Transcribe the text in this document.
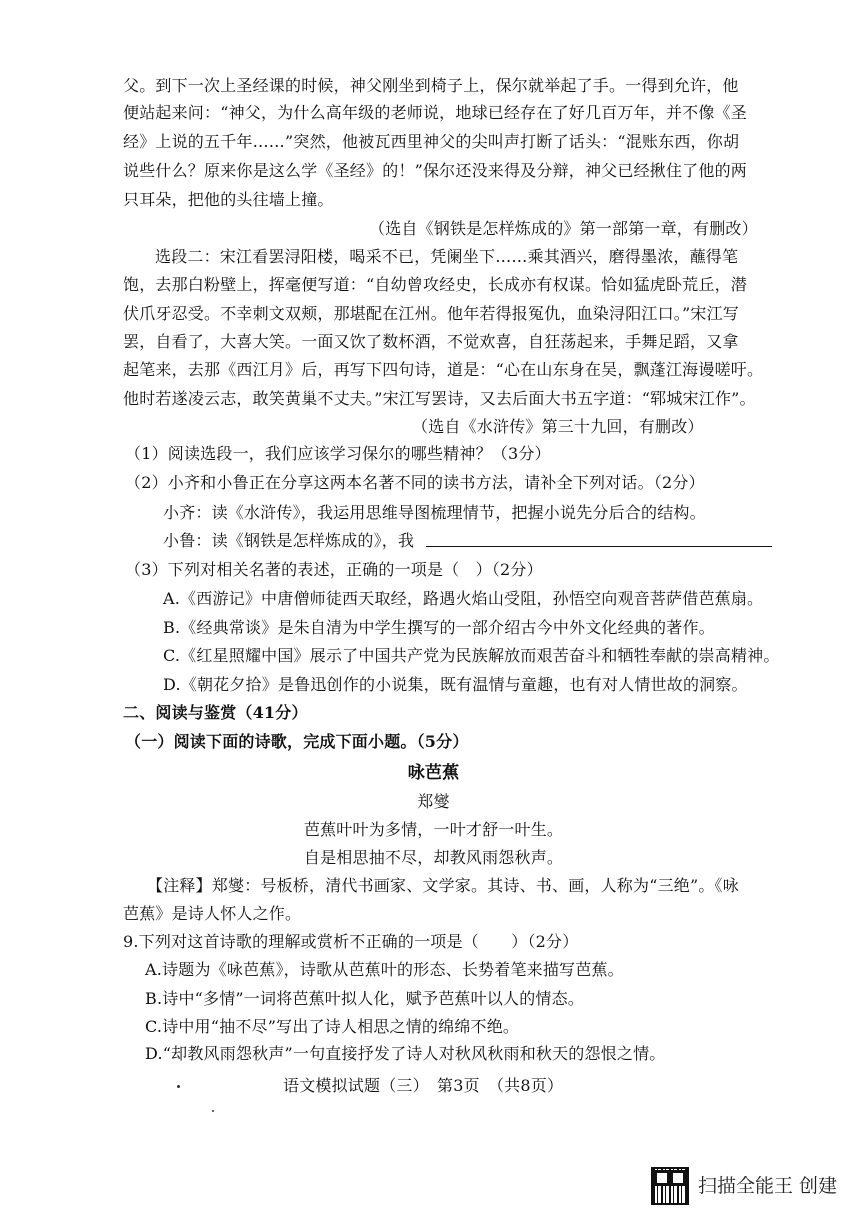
父。到下一次上圣经课的时候，神父刚坐到椅子上，保尔就举起了手。一得到允许，他
便站起来问：“神父，为什么高年级的老师说，地球已经存在了好几百万年，并不像《圣
经》上说的五千年……”突然，他被瓦西里神父的尖叫声打断了话头：“混账东西，你胡
说些什么？原来你是这么学《圣经》的！”保尔还没来得及分辩，神父已经揪住了他的两
只耳朵，把他的头往墙上撞。
（选自《钢铁是怎样炼成的》第一部第一章，有删改）
选段二：宋江看罢浔阳楼，喝采不已，凭阑坐下……乘其酒兴，磨得墨浓，蘸得笔
饱，去那白粉壁上，挥毫便写道：“自幼曾攻经史，长成亦有权谋。恰如猛虎卧荒丘，潜
伏爪牙忍受。不幸刺文双颊，那堪配在江州。他年若得报冤仇，血染浔阳江口。”宋江写
罢，自看了，大喜大笑。一面又饮了数杯酒，不觉欢喜，自狂荡起来，手舞足蹈，又拿
起笔来，去那《西江月》后，再写下四句诗，道是：“心在山东身在吴，飘蓬江海谩嗟吁。
他时若遂凌云志，敢笑黄巢不丈夫。”宋江写罢诗，又去后面大书五字道：“郓城宋江作”。
（选自《水浒传》第三十九回，有删改）
（1）阅读选段一，我们应该学习保尔的哪些精神？（3分）
（2）小齐和小鲁正在分享这两本名著不同的读书方法，请补全下列对话。（2分）
小齐：读《水浒传》，我运用思维导图梳理情节，把握小说先分后合的结构。
小鲁：读《钢铁是怎样炼成的》，我
（3）下列对相关名著的表述，正确的一项是（　）（2分）
A.《西游记》中唐僧师徒西天取经，路遇火焰山受阻，孙悟空向观音菩萨借芭蕉扇。
B.《经典常谈》是朱自清为中学生撰写的一部介绍古今中外文化经典的著作。
C.《红星照耀中国》展示了中国共产党为民族解放而艰苦奋斗和牺牲奉献的崇高精神。
D.《朝花夕拾》是鲁迅创作的小说集，既有温情与童趣，也有对人情世故的洞察。
二、阅读与鉴赏（41分）
（一）阅读下面的诗歌，完成下面小题。（5分）
咏芭蕉
郑燮
芭蕉叶叶为多情，一叶才舒一叶生。
自是相思抽不尽，却教风雨怨秋声。
【注释】郑燮：号板桥，清代书画家、文学家。其诗、书、画，人称为“三绝”。《咏
芭蕉》是诗人怀人之作。
9.下列对这首诗歌的理解或赏析不正确的一项是（　　）（2分）
A.诗题为《咏芭蕉》，诗歌从芭蕉叶的形态、长势着笔来描写芭蕉。
B.诗中“多情”一词将芭蕉叶拟人化，赋予芭蕉叶以人的情态。
C.诗中用“抽不尽”写出了诗人相思之情的绵绵不绝。
D.“却教风雨怨秋声”一句直接抒发了诗人对秋风秋雨和秋天的怨恨之情。
语文模拟试题（三）　第3页　（共8页）
扫描全能王 创建
